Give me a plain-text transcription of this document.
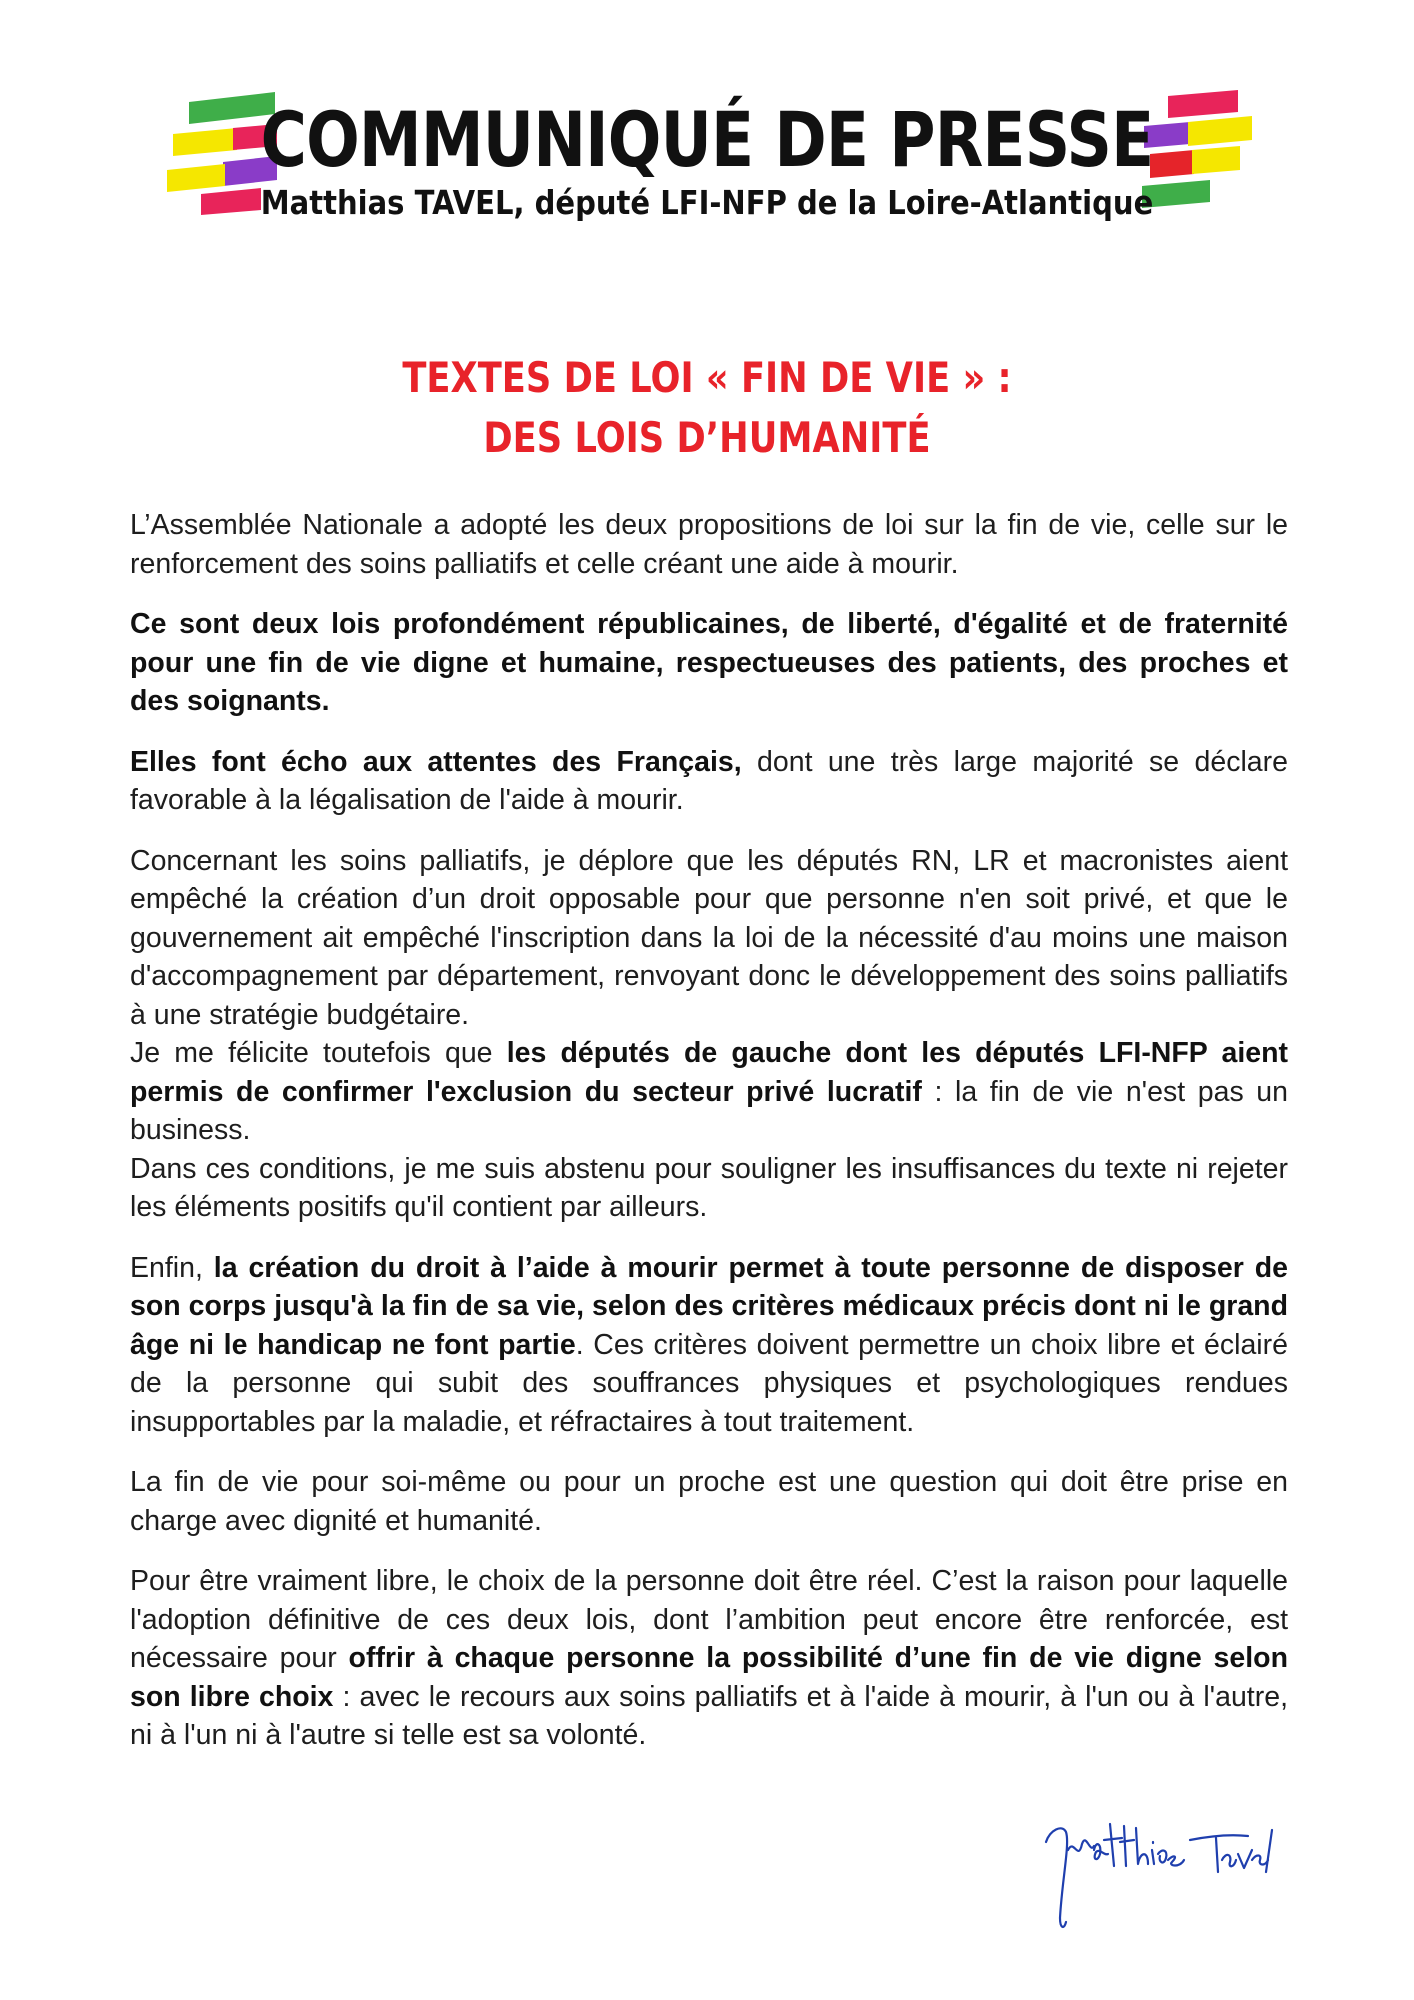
COMMUNIQUÉ DE PRESSE
Matthias TAVEL, député LFI-NFP de la Loire-Atlantique
TEXTES DE LOI « FIN DE VIE » :
DES LOIS D’HUMANITÉ

L’Assemblée Nationale a adopté les deux propositions de loi sur la fin de vie, celle sur le renforcement des soins palliatifs et celle créant une aide à mourir.

Ce sont deux lois profondément républicaines, de liberté, d'égalité et de fraternité pour une fin de vie digne et humaine, respectueuses des patients, des proches et des soignants.

Elles font écho aux attentes des Français, dont une très large majorité se déclare favorable à la légalisation de l'aide à mourir.

Concernant les soins palliatifs, je déplore que les députés RN, LR et macronistes aient empêché la création d’un droit opposable pour que personne n'en soit privé, et que le gouvernement ait empêché l'inscription dans la loi de la nécessité d'au moins une maison d'accompagnement par département, renvoyant donc le développement des soins palliatifs à une stratégie budgétaire.

Je me félicite toutefois que les députés de gauche dont les députés LFI-NFP aient permis de confirmer l'exclusion du secteur privé lucratif : la fin de vie n'est pas un business.

Dans ces conditions, je me suis abstenu pour souligner les insuffisances du texte ni rejeter les éléments positifs qu'il contient par ailleurs.

Enfin, la création du droit à l’aide à mourir permet à toute personne de disposer de son corps jusqu'à la fin de sa vie, selon des critères médicaux précis dont ni le grand âge ni le handicap ne font partie. Ces critères doivent permettre un choix libre et éclairé de la personne qui subit des souffrances physiques et psychologiques rendues insupportables par la maladie, et réfractaires à tout traitement.

La fin de vie pour soi-même ou pour un proche est une question qui doit être prise en charge avec dignité et humanité.

Pour être vraiment libre, le choix de la personne doit être réel. C’est la raison pour laquelle l'adoption définitive de ces deux lois, dont l’ambition peut encore être renforcée, est nécessaire pour offrir à chaque personne la possibilité d’une fin de vie digne selon son libre choix : avec le recours aux soins palliatifs et à l'aide à mourir, à l'un ou à l'autre, ni à l'un ni à l'autre si telle est sa volonté.
